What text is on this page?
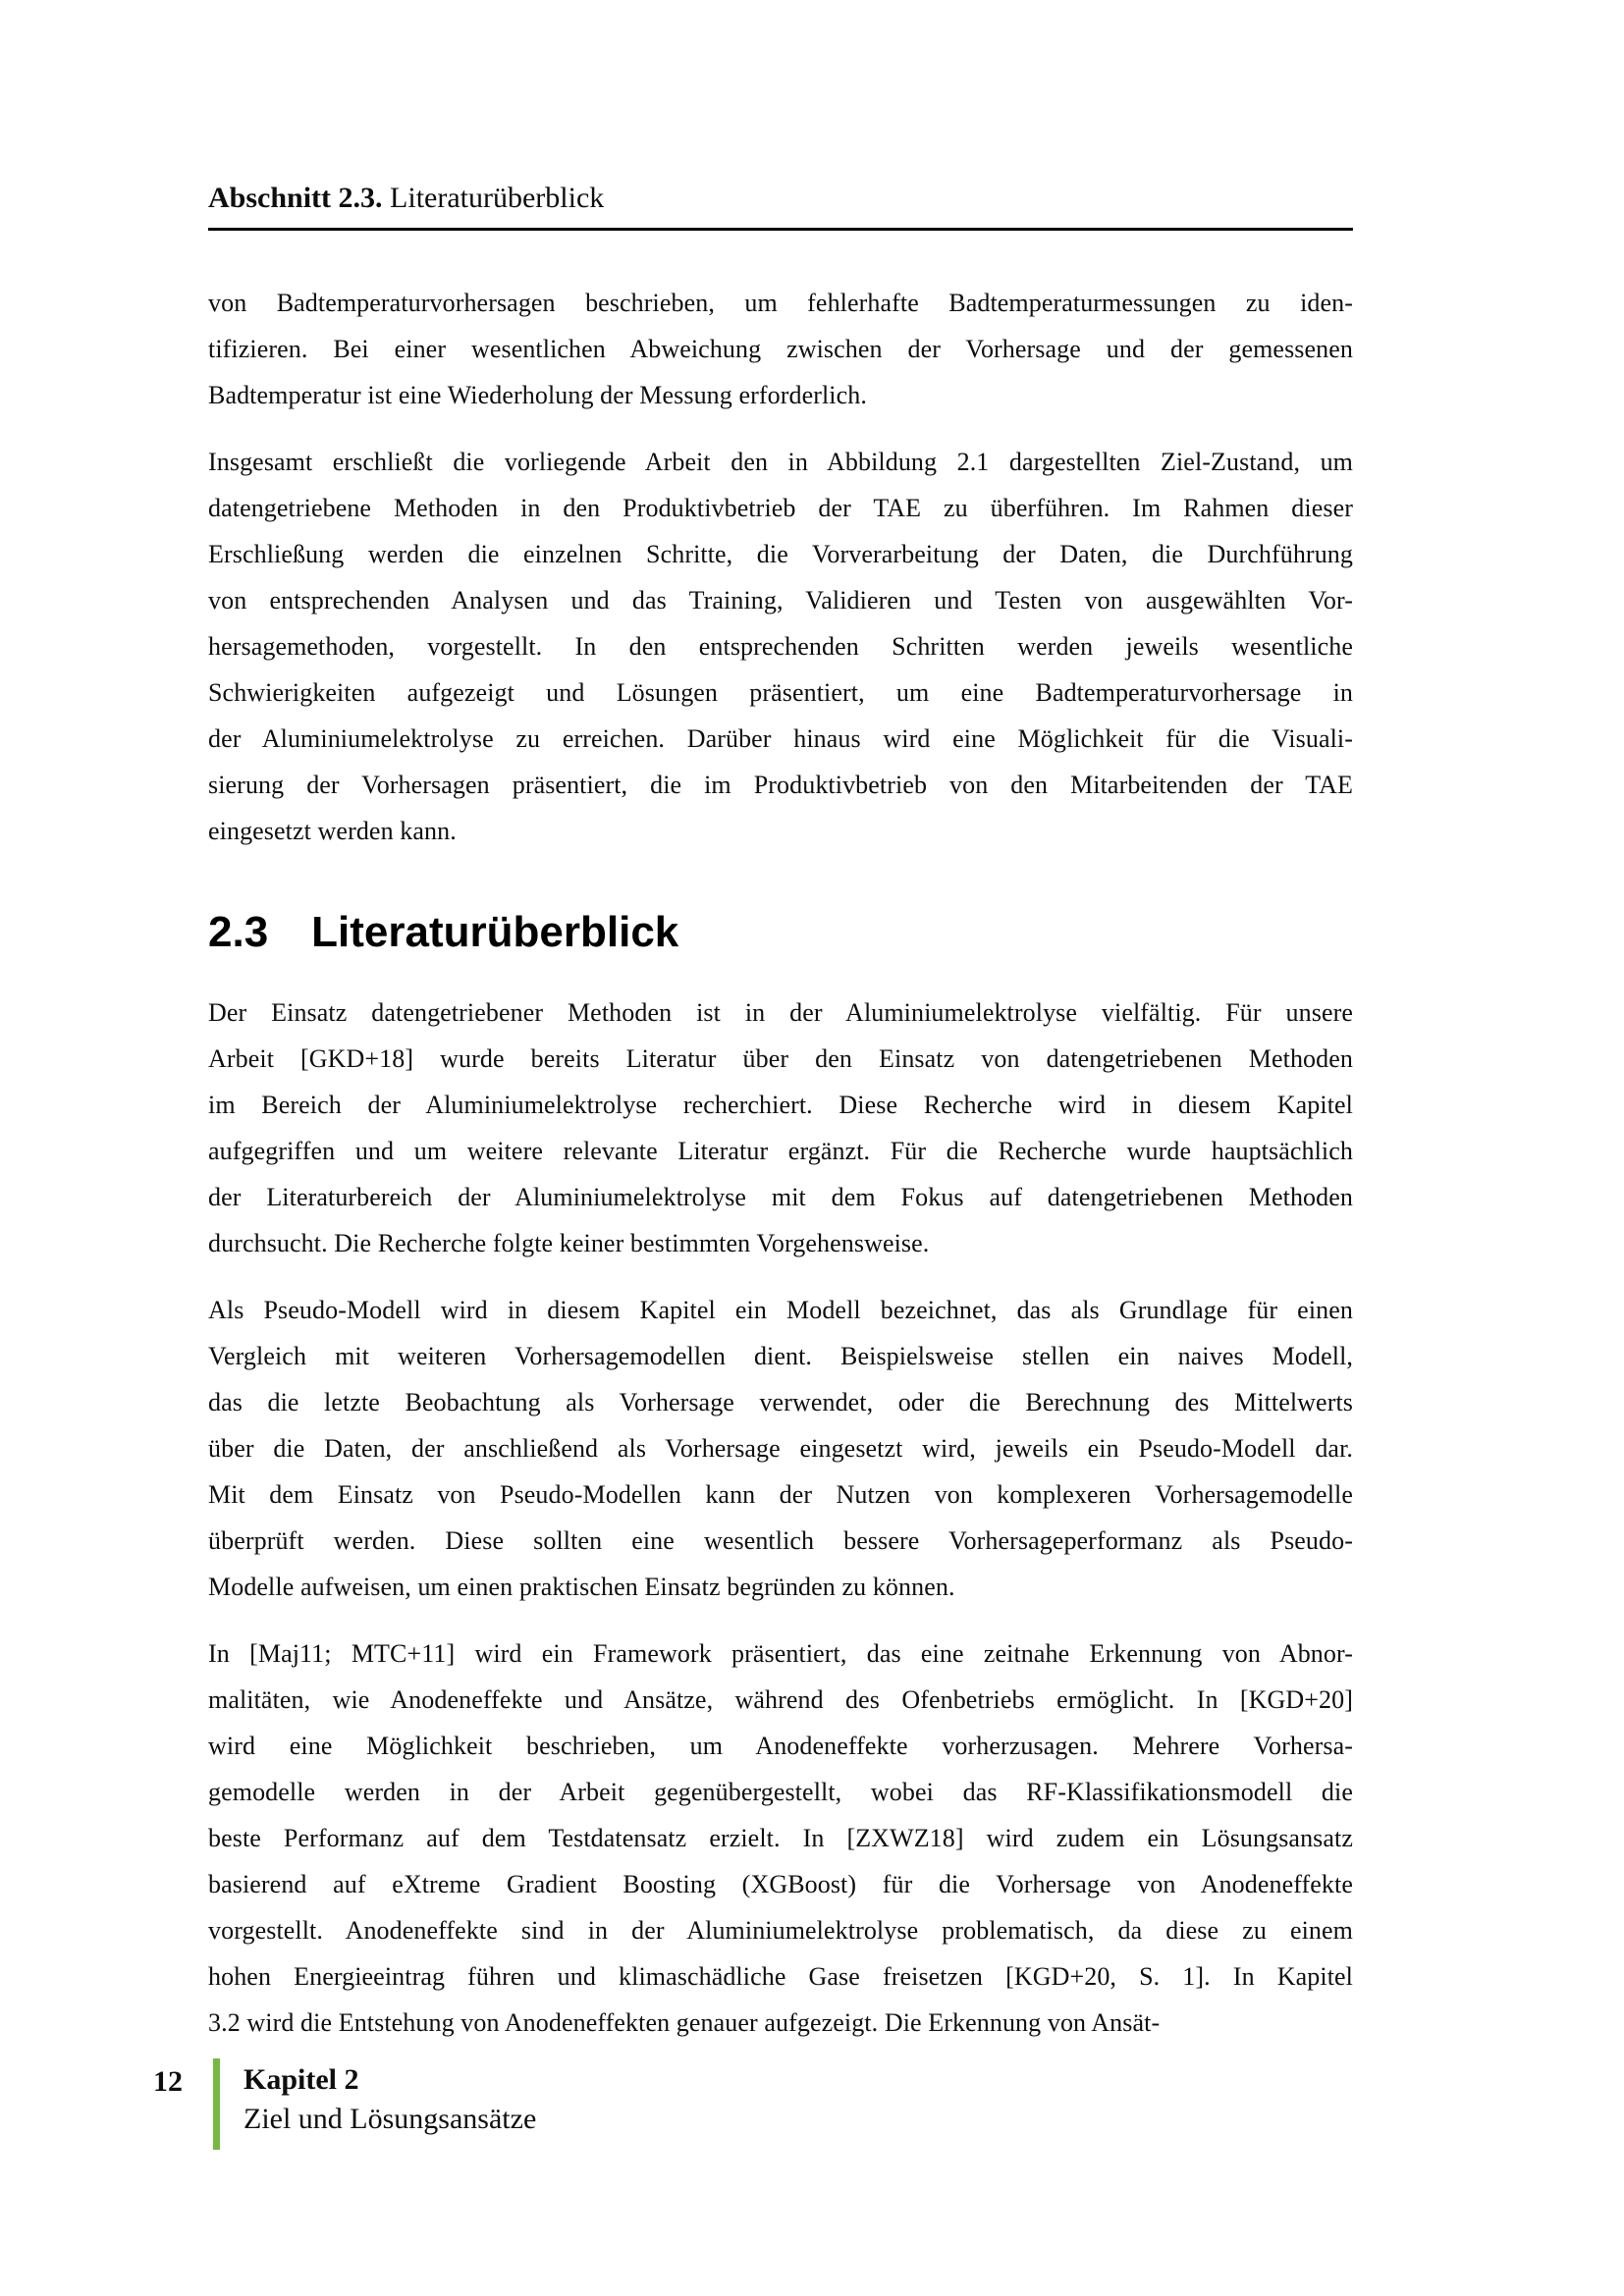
Abschnitt 2.3. Literaturüberblick
von Badtemperaturvorhersagen beschrieben, um fehlerhafte Badtemperaturmessungen zu iden-
tifizieren. Bei einer wesentlichen Abweichung zwischen der Vorhersage und der gemessenen
Badtemperatur ist eine Wiederholung der Messung erforderlich.
Insgesamt erschließt die vorliegende Arbeit den in Abbildung 2.1 dargestellten Ziel-Zustand, um
datengetriebene Methoden in den Produktivbetrieb der TAE zu überführen. Im Rahmen dieser
Erschließung werden die einzelnen Schritte, die Vorverarbeitung der Daten, die Durchführung
von entsprechenden Analysen und das Training, Validieren und Testen von ausgewählten Vor-
hersagemethoden, vorgestellt. In den entsprechenden Schritten werden jeweils wesentliche
Schwierigkeiten aufgezeigt und Lösungen präsentiert, um eine Badtemperaturvorhersage in
der Aluminiumelektrolyse zu erreichen. Darüber hinaus wird eine Möglichkeit für die Visuali-
sierung der Vorhersagen präsentiert, die im Produktivbetrieb von den Mitarbeitenden der TAE
eingesetzt werden kann.
2.3 Literaturüberblick
Der Einsatz datengetriebener Methoden ist in der Aluminiumelektrolyse vielfältig. Für unsere
Arbeit [GKD+18] wurde bereits Literatur über den Einsatz von datengetriebenen Methoden
im Bereich der Aluminiumelektrolyse recherchiert. Diese Recherche wird in diesem Kapitel
aufgegriffen und um weitere relevante Literatur ergänzt. Für die Recherche wurde hauptsächlich
der Literaturbereich der Aluminiumelektrolyse mit dem Fokus auf datengetriebenen Methoden
durchsucht. Die Recherche folgte keiner bestimmten Vorgehensweise.
Als Pseudo-Modell wird in diesem Kapitel ein Modell bezeichnet, das als Grundlage für einen
Vergleich mit weiteren Vorhersagemodellen dient. Beispielsweise stellen ein naives Modell,
das die letzte Beobachtung als Vorhersage verwendet, oder die Berechnung des Mittelwerts
über die Daten, der anschließend als Vorhersage eingesetzt wird, jeweils ein Pseudo-Modell dar.
Mit dem Einsatz von Pseudo-Modellen kann der Nutzen von komplexeren Vorhersagemodelle
überprüft werden. Diese sollten eine wesentlich bessere Vorhersageperformanz als Pseudo-
Modelle aufweisen, um einen praktischen Einsatz begründen zu können.
In [Maj11; MTC+11] wird ein Framework präsentiert, das eine zeitnahe Erkennung von Abnor-
malitäten, wie Anodeneffekte und Ansätze, während des Ofenbetriebs ermöglicht. In [KGD+20]
wird eine Möglichkeit beschrieben, um Anodeneffekte vorherzusagen. Mehrere Vorhersa-
gemodelle werden in der Arbeit gegenübergestellt, wobei das RF-Klassifikationsmodell die
beste Performanz auf dem Testdatensatz erzielt. In [ZXWZ18] wird zudem ein Lösungsansatz
basierend auf eXtreme Gradient Boosting (XGBoost) für die Vorhersage von Anodeneffekte
vorgestellt. Anodeneffekte sind in der Aluminiumelektrolyse problematisch, da diese zu einem
hohen Energieeintrag führen und klimaschädliche Gase freisetzen [KGD+20, S. 1]. In Kapitel
3.2 wird die Entstehung von Anodeneffekten genauer aufgezeigt. Die Erkennung von Ansät-
12	Kapitel 2
Ziel und Lösungsansätze
